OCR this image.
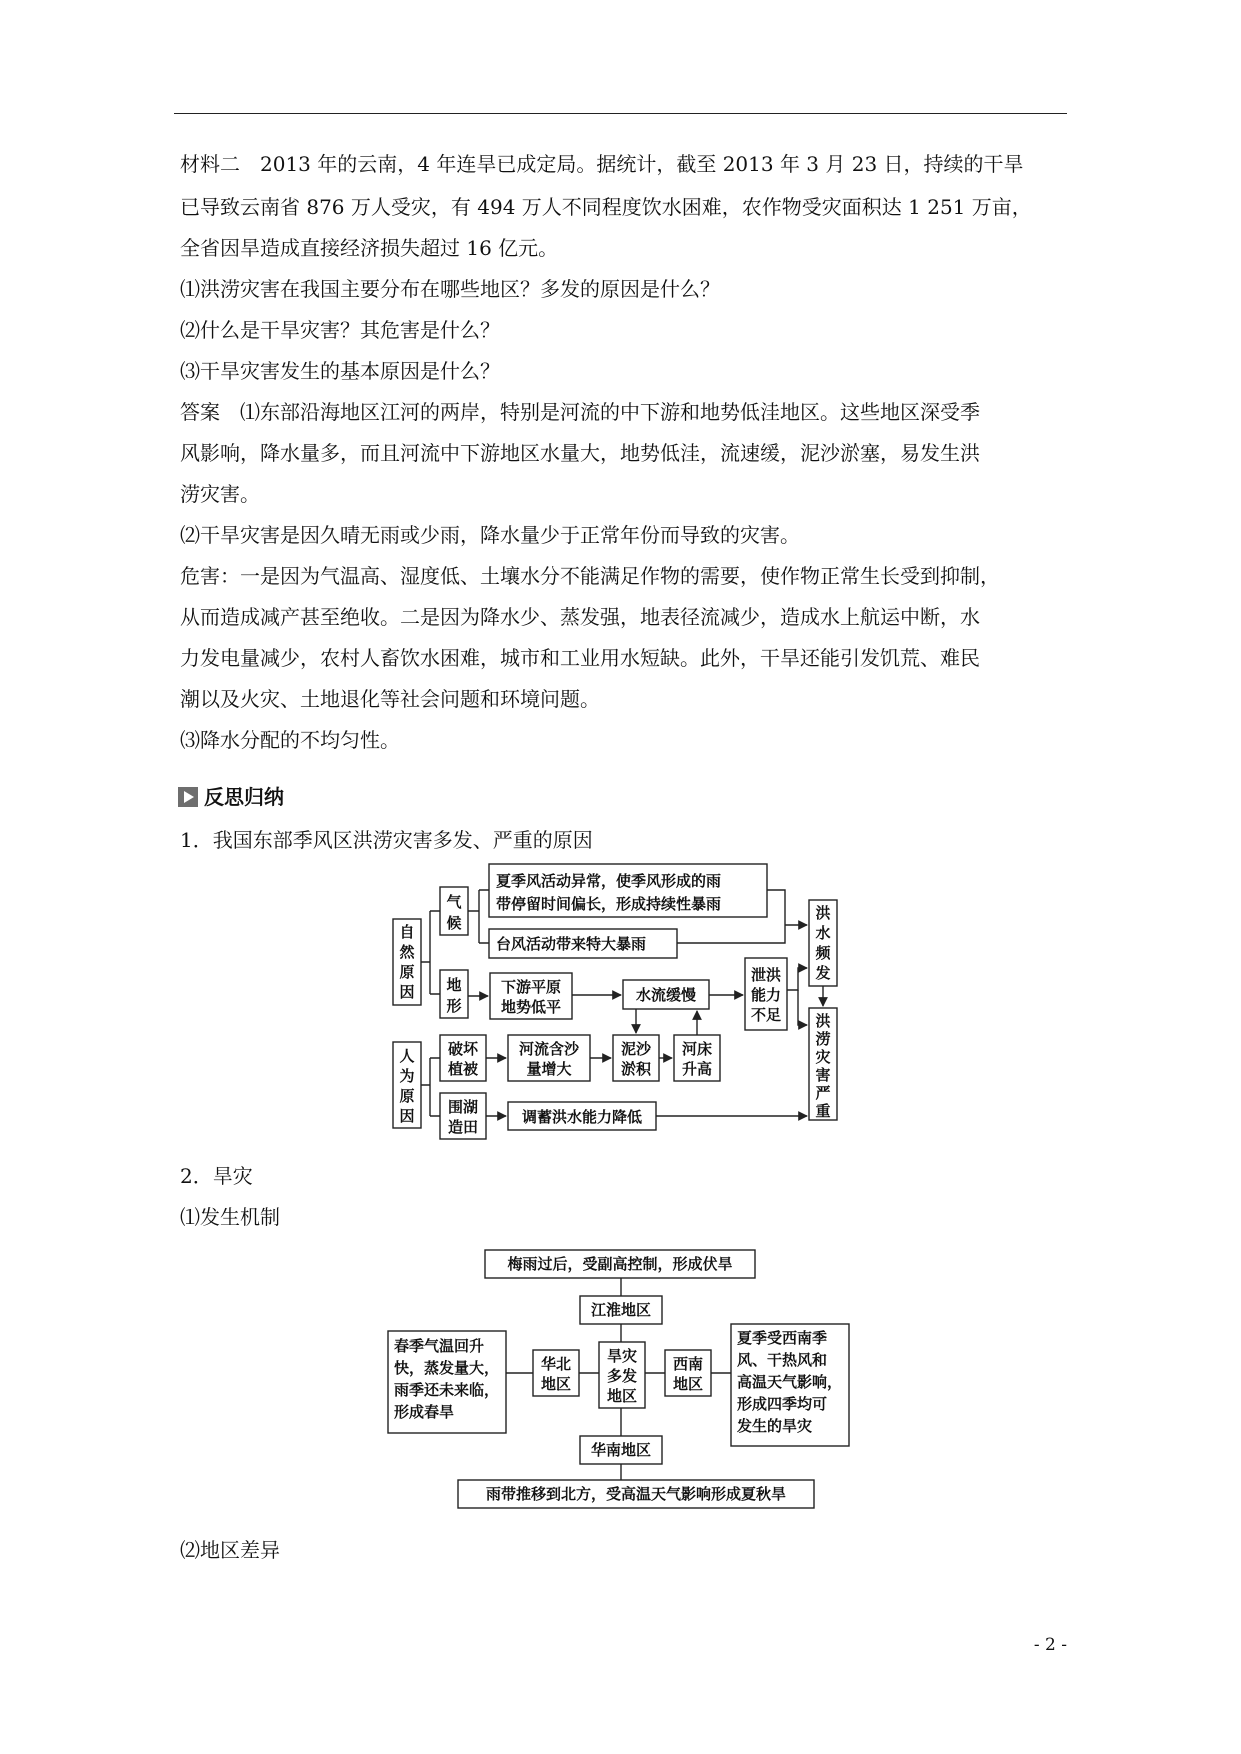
材料二　2013 年的云南，4 年连旱已成定局。据统计，截至 2013 年 3 月 23 日，持续的干旱
已导致云南省 876 万人受灾，有 494 万人不同程度饮水困难，农作物受灾面积达 1 251 万亩，
全省因旱造成直接经济损失超过 16 亿元。
⑴洪涝灾害在我国主要分布在哪些地区？多发的原因是什么？
⑵什么是干旱灾害？其危害是什么？
⑶干旱灾害发生的基本原因是什么？
答案　⑴东部沿海地区江河的两岸，特别是河流的中下游和地势低洼地区。这些地区深受季
风影响，降水量多，而且河流中下游地区水量大，地势低洼，流速缓，泥沙淤塞，易发生洪
涝灾害。
⑵干旱灾害是因久晴无雨或少雨，降水量少于正常年份而导致的灾害。
危害：一是因为气温高、湿度低、土壤水分不能满足作物的需要，使作物正常生长受到抑制，
从而造成减产甚至绝收。二是因为降水少、蒸发强，地表径流减少，造成水上航运中断，水
力发电量减少，农村人畜饮水困难，城市和工业用水短缺。此外，干旱还能引发饥荒、难民
潮以及火灾、土地退化等社会问题和环境问题。
⑶降水分配的不均匀性。
反思归纳
1．我国东部季风区洪涝灾害多发、严重的原因
自
然
原
因
气
候
夏季风活动异常，使季风形成的雨
带停留时间偏长，形成持续性暴雨
台风活动带来特大暴雨
地
形
下游平原
地势低平
水流缓慢
泄洪
能力
不足
洪
水
频
发
洪
涝
灾
害
严
重
人
为
原
因
破坏
植被
河流含沙
量增大
泥沙
淤积
河床
升高
围湖
造田
调蓄洪水能力降低
2．旱灾
⑴发生机制
梅雨过后，受副高控制，形成伏旱
江淮地区
春季气温回升
快，蒸发量大，
雨季还未来临，
形成春旱
华北
地区
旱灾
多发
地区
西南
地区
夏季受西南季
风、干热风和
高温天气影响，
形成四季均可
发生的旱灾
华南地区
雨带推移到北方，受高温天气影响形成夏秋旱
⑵地区差异
- 2 -
